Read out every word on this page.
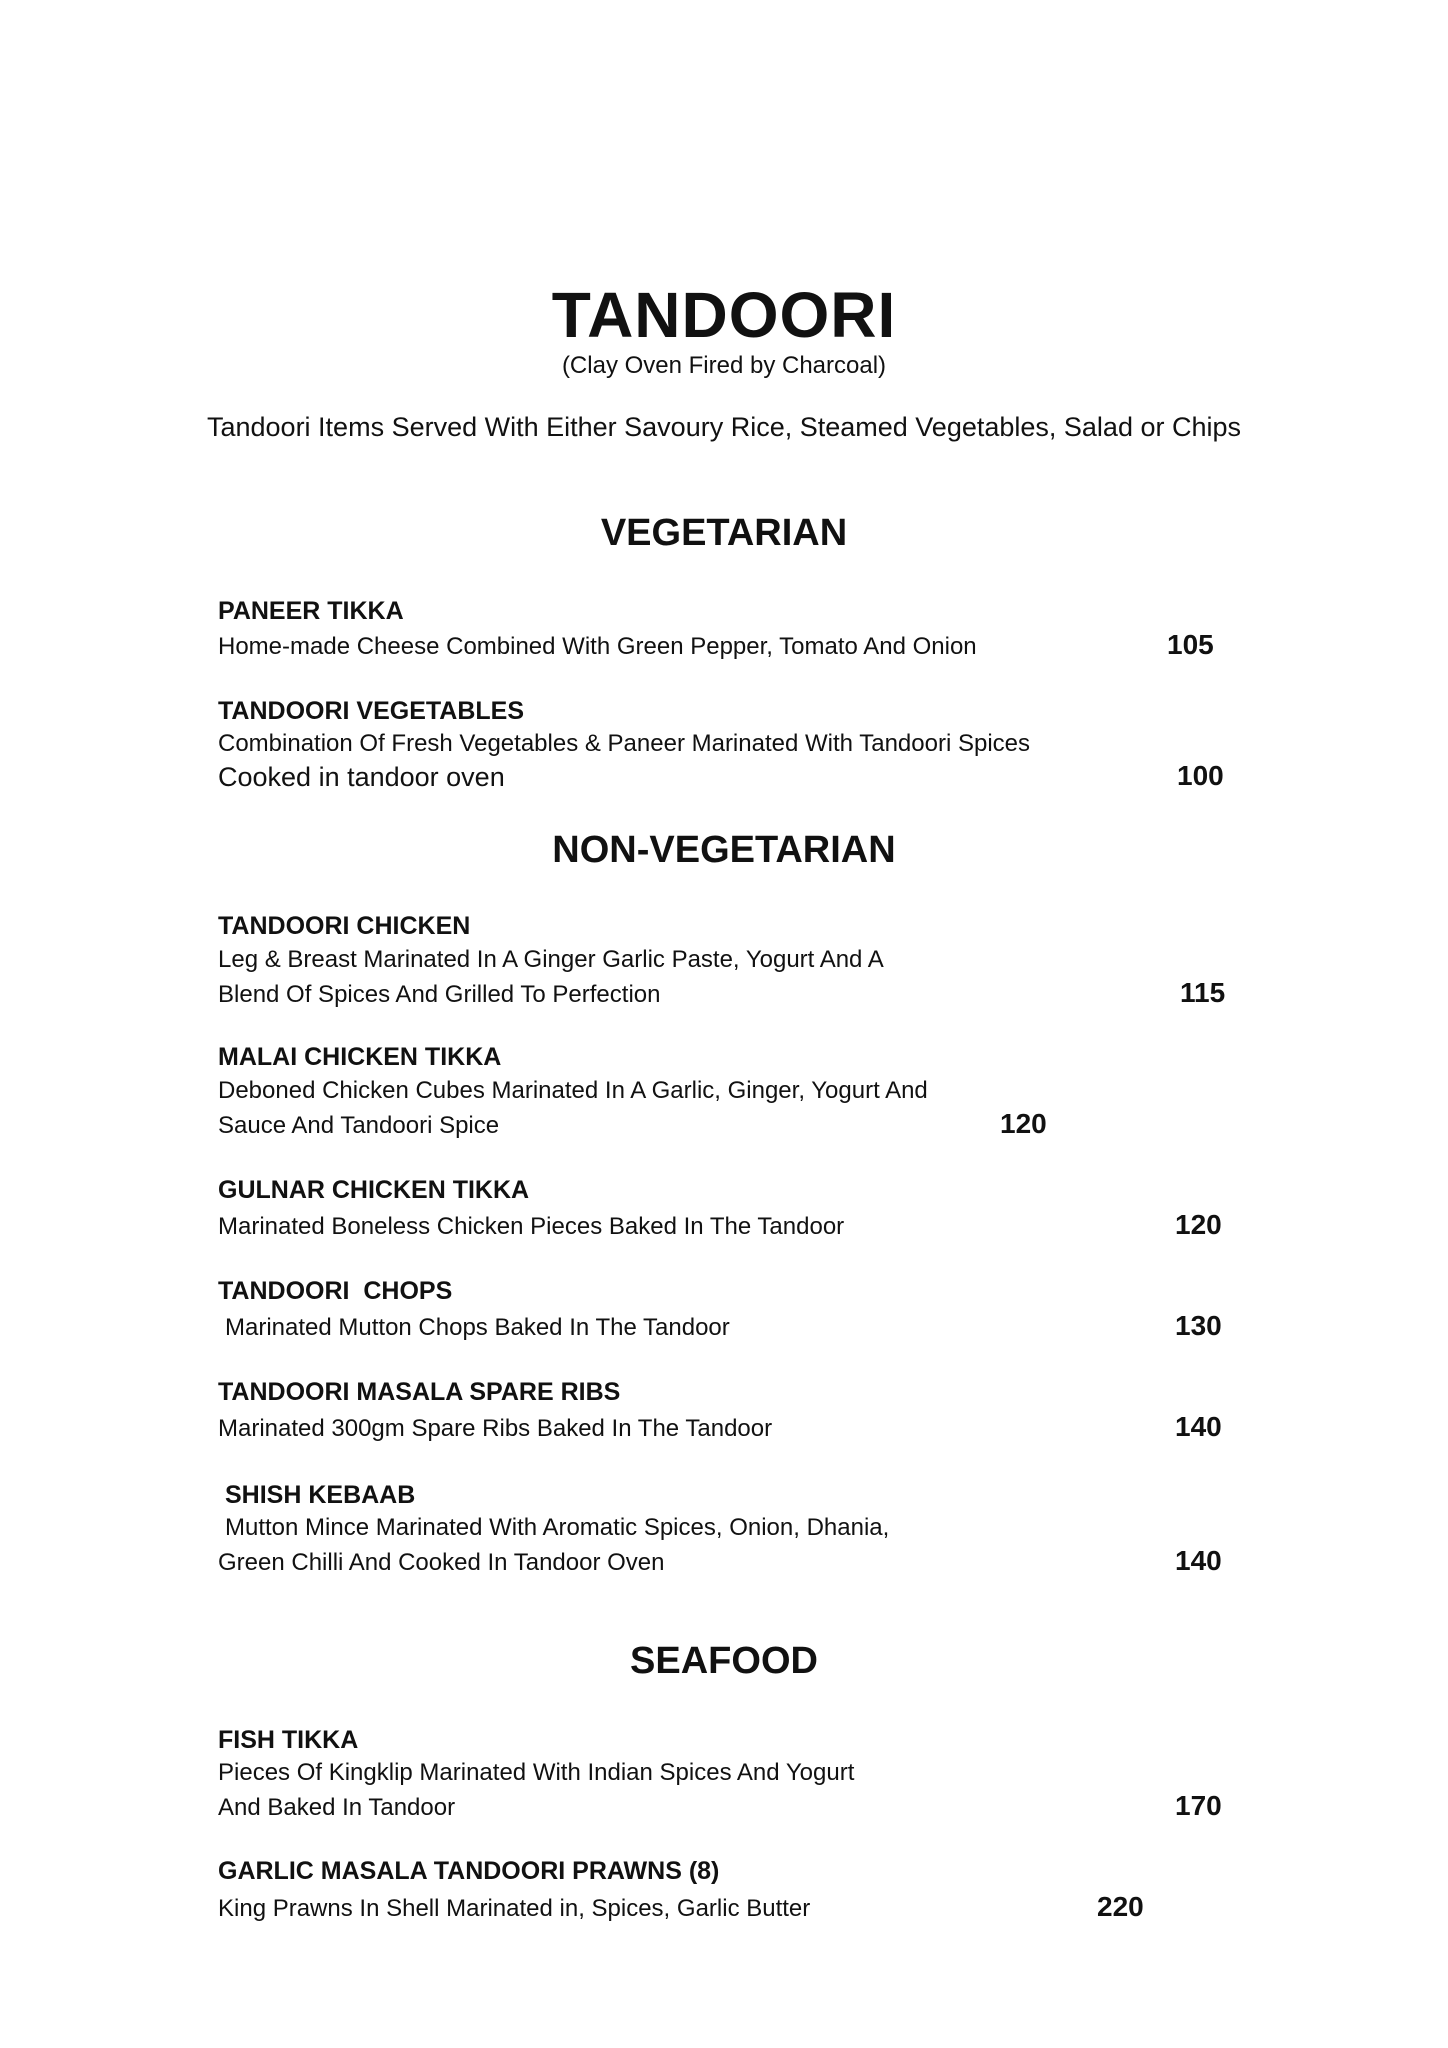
TANDOORI
(Clay Oven Fired by Charcoal)
Tandoori Items Served With Either Savoury Rice, Steamed Vegetables, Salad or Chips
VEGETARIAN
PANEER TIKKA
Home-made Cheese Combined With Green Pepper, Tomato And Onion	105
TANDOORI VEGETABLES
Combination Of Fresh Vegetables & Paneer Marinated With Tandoori Spices
Cooked in tandoor oven	100
NON-VEGETARIAN
TANDOORI CHICKEN
Leg & Breast Marinated In A Ginger Garlic Paste, Yogurt And A
Blend Of Spices And Grilled To Perfection	115
MALAI CHICKEN TIKKA
Deboned Chicken Cubes Marinated In A Garlic, Ginger, Yogurt And
Sauce And Tandoori Spice	120
GULNAR CHICKEN TIKKA
Marinated Boneless Chicken Pieces Baked In The Tandoor	120
TANDOORI  CHOPS
Marinated Mutton Chops Baked In The Tandoor	130
TANDOORI MASALA SPARE RIBS
Marinated 300gm Spare Ribs Baked In The Tandoor	140
SHISH KEBAAB
Mutton Mince Marinated With Aromatic Spices, Onion, Dhania,
Green Chilli And Cooked In Tandoor Oven	140
SEAFOOD
FISH TIKKA
Pieces Of Kingklip Marinated With Indian Spices And Yogurt
And Baked In Tandoor	170
GARLIC MASALA TANDOORI PRAWNS (8)
King Prawns In Shell Marinated in, Spices, Garlic Butter	220
